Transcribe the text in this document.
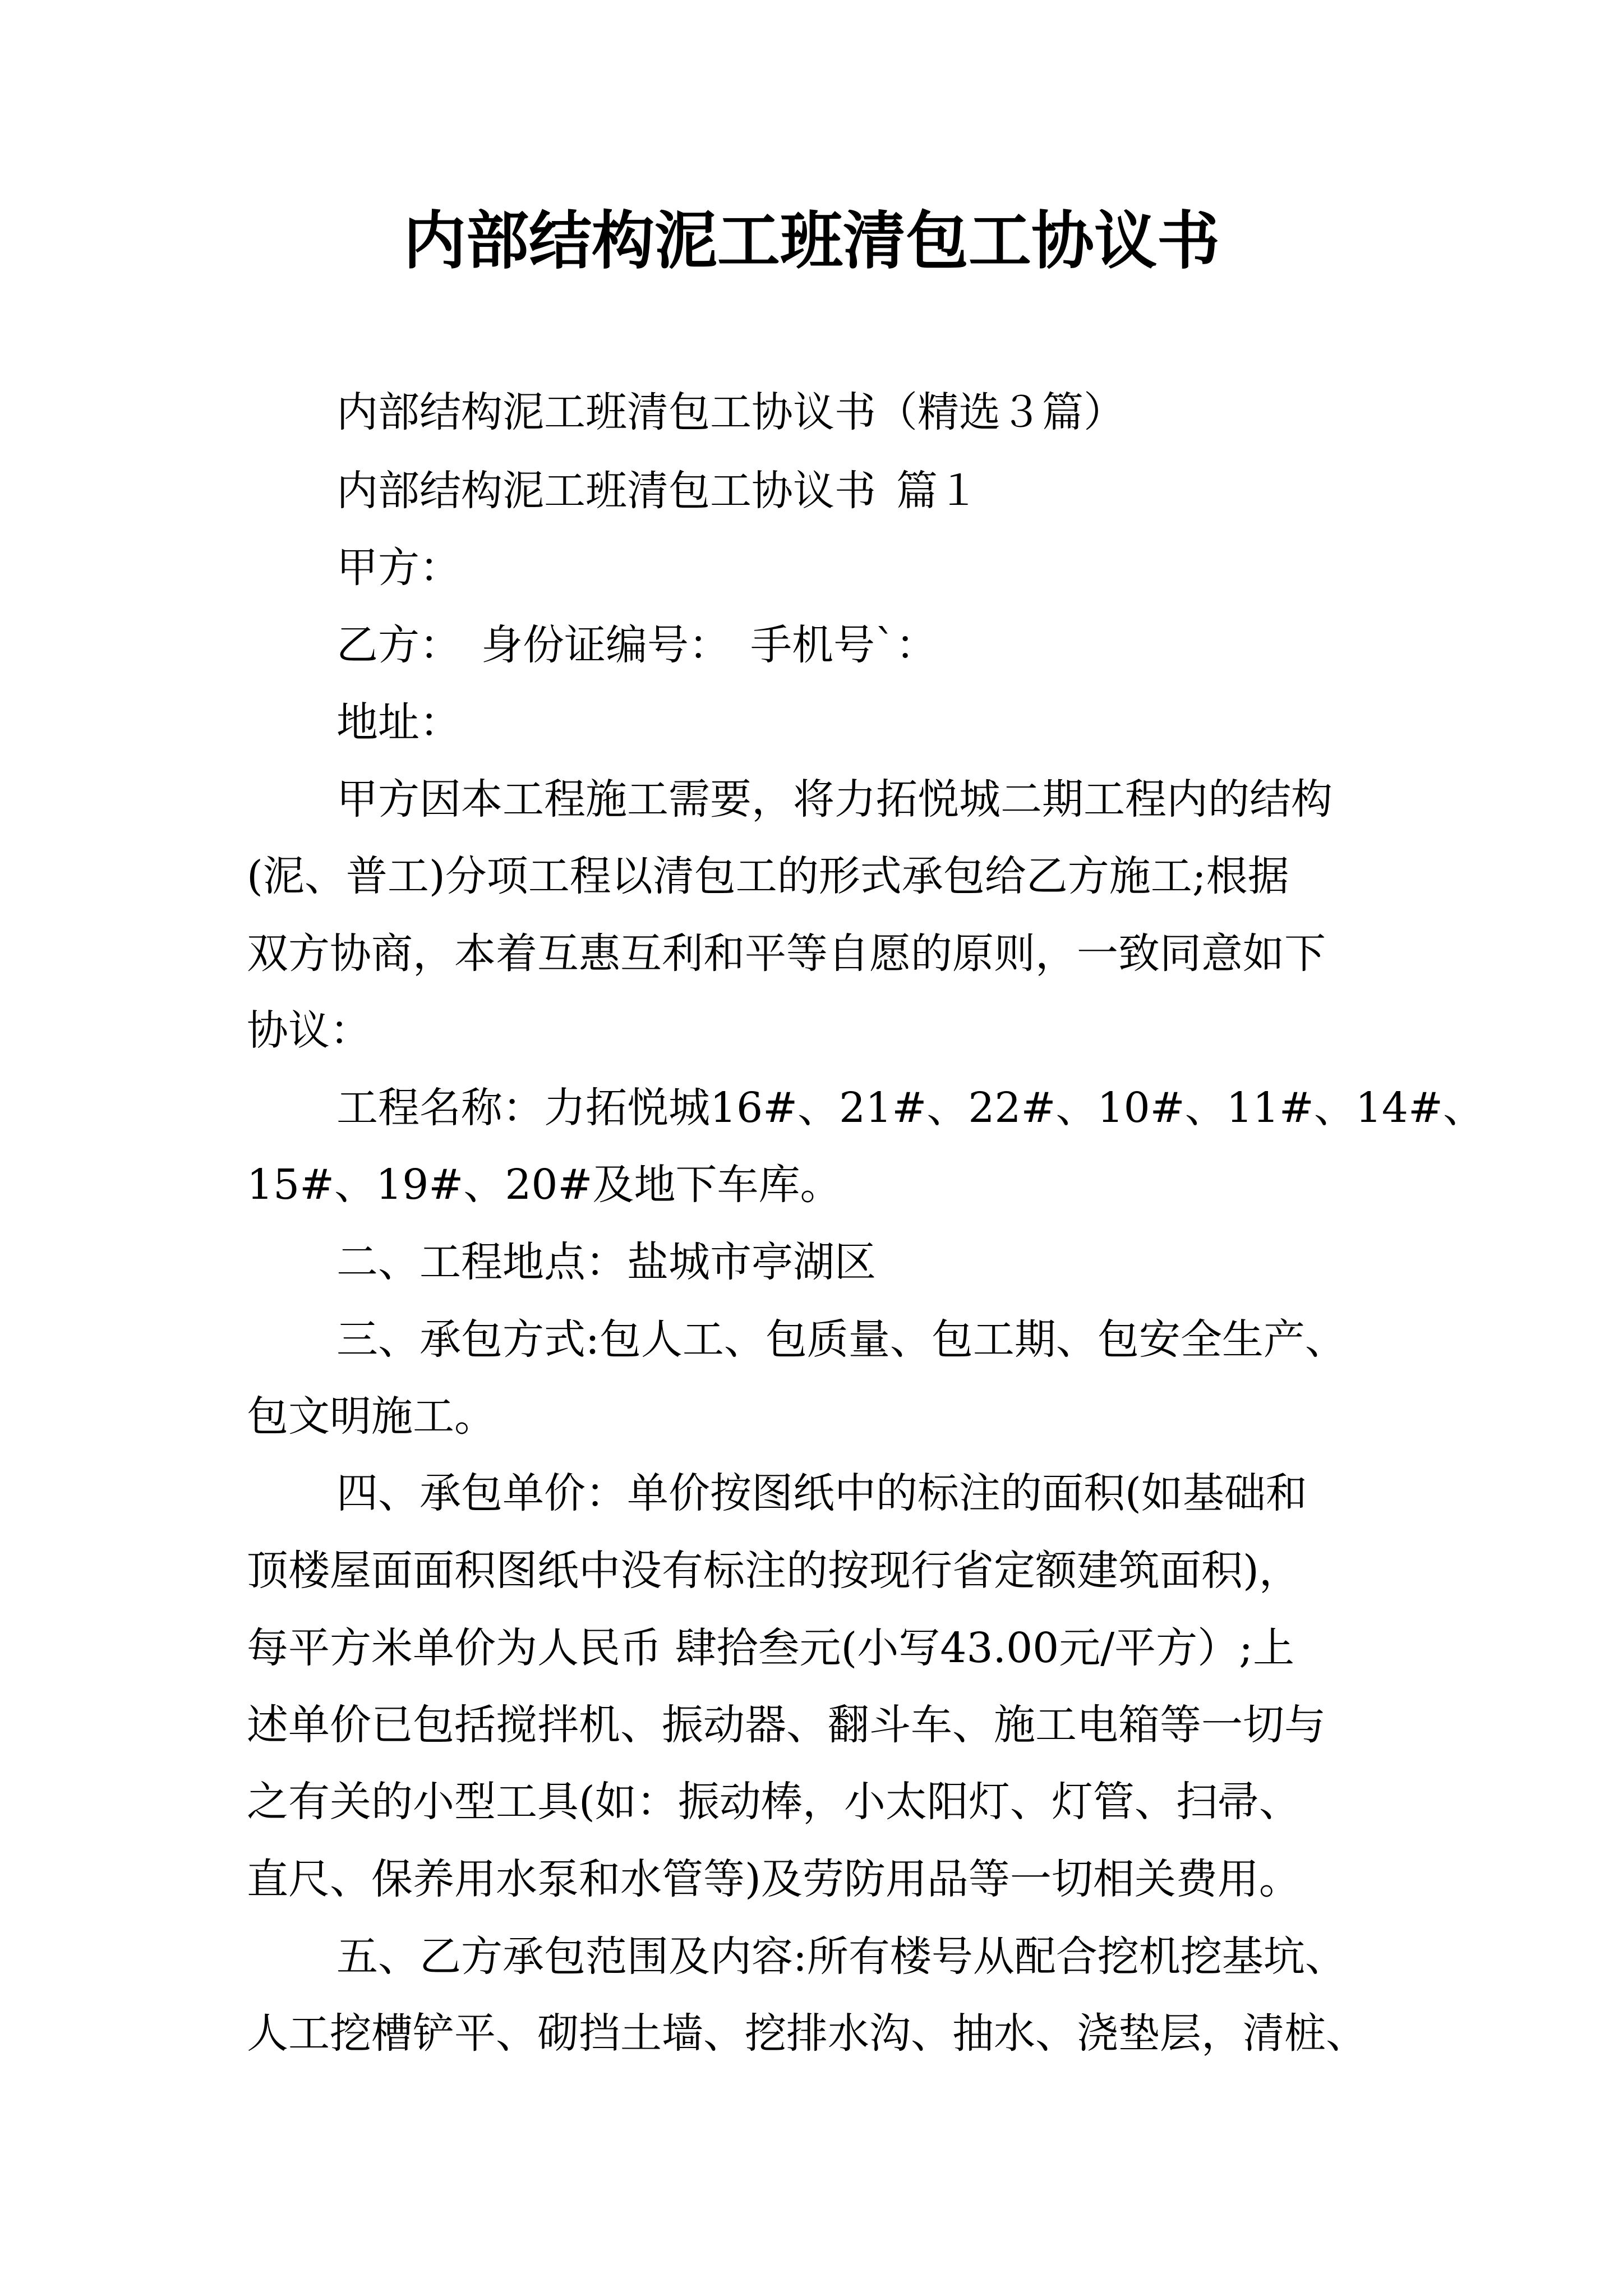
内部结构泥工班清包工协议书

内部结构泥工班清包工协议书（精选３篇）

内部结构泥工班清包工协议书 篇１

甲方：

乙方： 身份证编号： 手机号`：

地址：

甲方因本工程施工需要，将力拓悦城二期工程内的结构

(泥、普工)分项工程以清包工的形式承包给乙方施工;根据

双方协商，本着互惠互利和平等自愿的原则，一致同意如下

协议：

工程名称：力拓悦城16#、21#、22#、10#、11#、14#、

15#、19#、20#及地下车库。

二、工程地点：盐城市亭湖区

三、承包方式:包人工、包质量、包工期、包安全生产、

包文明施工。

四、承包单价：单价按图纸中的标注的面积(如基础和

顶楼屋面面积图纸中没有标注的按现行省定额建筑面积)，

每平方米单价为人民币 肆拾叁元(小写43.00元/平方）;上

述单价已包括搅拌机、振动器、翻斗车、施工电箱等一切与

之有关的小型工具(如：振动棒，小太阳灯、灯管、扫帚、

直尺、保养用水泵和水管等)及劳防用品等一切相关费用。

五、乙方承包范围及内容:所有楼号从配合挖机挖基坑、

人工挖槽铲平、砌挡土墙、挖排水沟、抽水、浇垫层，清桩、
